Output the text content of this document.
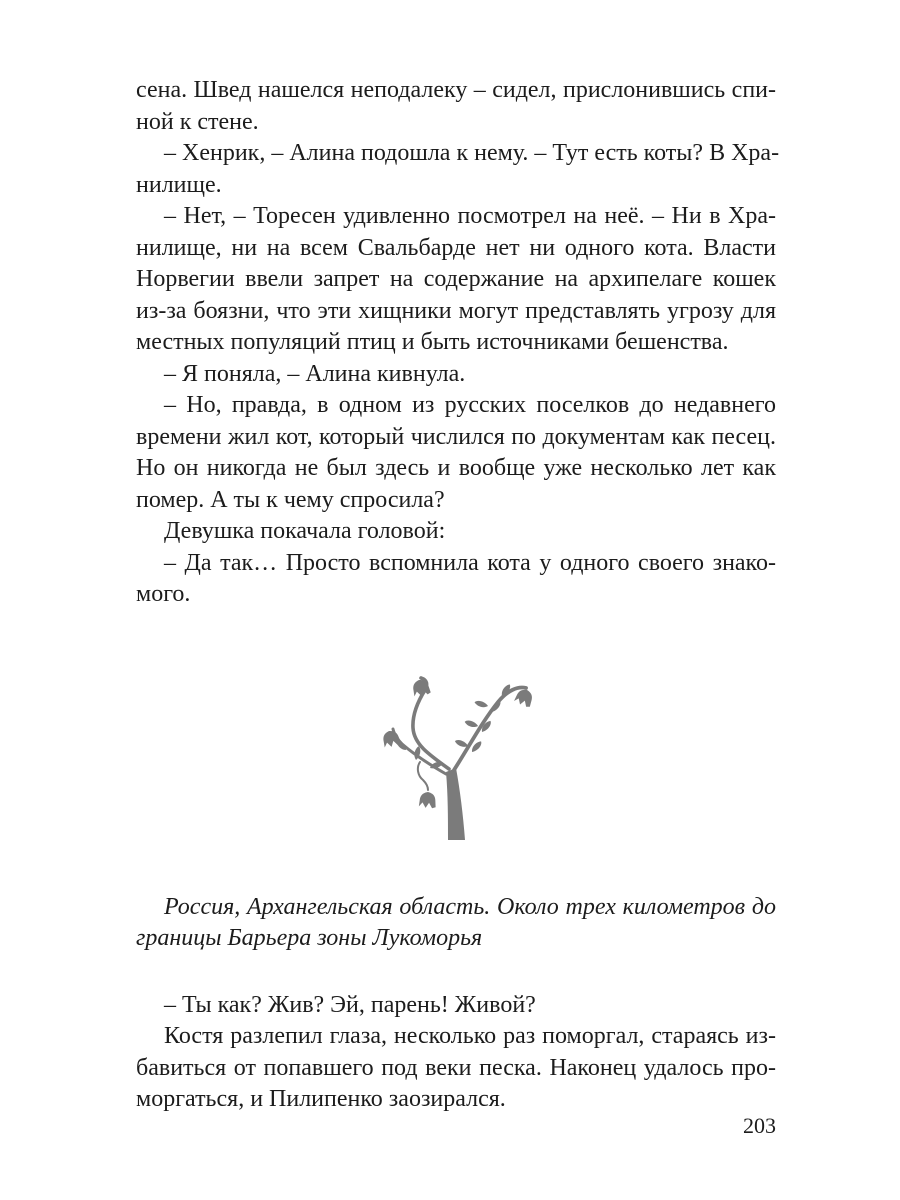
сена. Швед нашелся неподалеку – сидел, прислонившись спи-
ной к стене.
– Хенрик, – Алина подошла к нему. – Тут есть коты? В Хра-
нилище.
– Нет, – Торесен удивленно посмотрел на неё. – Ни в Хра-
нилище, ни на всем Свальбарде нет ни одного кота. Власти
Норвегии ввели запрет на содержание на архипелаге кошек
из-за боязни, что эти хищники могут представлять угрозу для
местных популяций птиц и быть источниками бешенства.
– Я поняла, – Алина кивнула.
– Но, правда, в одном из русских поселков до недавнего
времени жил кот, который числился по документам как песец.
Но он никогда не был здесь и вообще уже несколько лет как
помер. А ты к чему спросила?
Девушка покачала головой:
– Да так… Просто вспомнила кота у одного своего знако-
мого.
Россия, Архангельская область. Около трех километров до
границы Барьера зоны Лукоморья
– Ты как? Жив? Эй, парень! Живой?
Костя разлепил глаза, несколько раз поморгал, стараясь из-
бавиться от попавшего под веки песка. Наконец удалось про-
моргаться, и Пилипенко заозирался.
203
